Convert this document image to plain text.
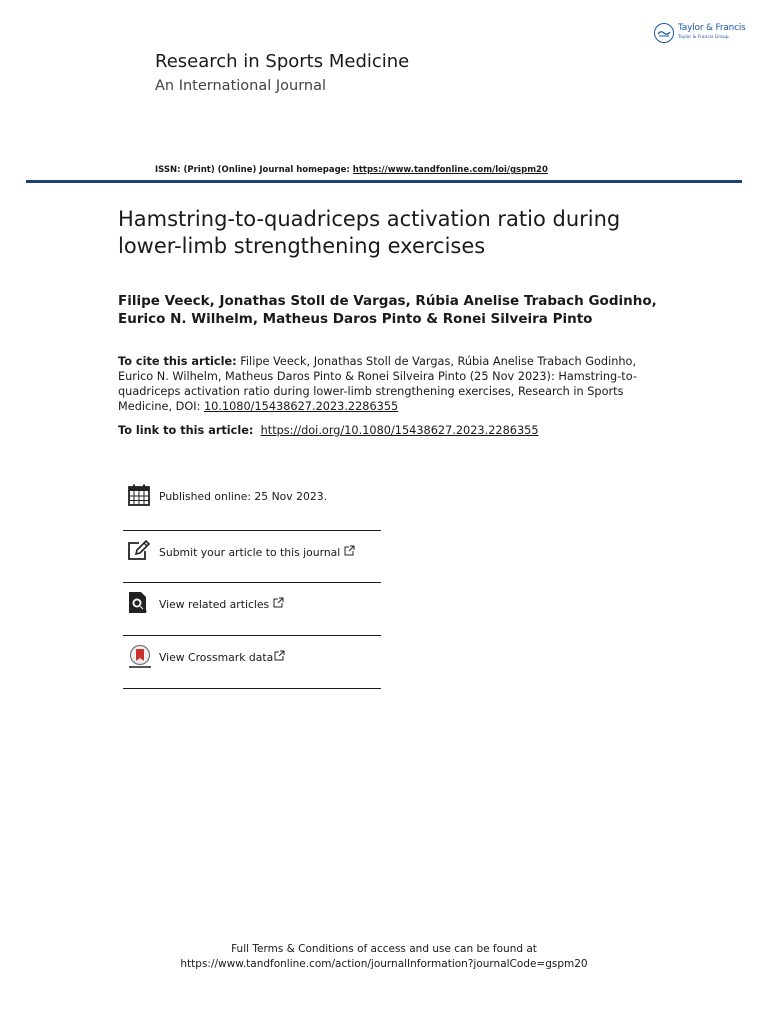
Taylor & Francis
Taylor & Francis Group
Research in Sports Medicine
An International Journal
ISSN: (Print) (Online) Journal homepage: https://www.tandfonline.com/loi/gspm20
Hamstring-to-quadriceps activation ratio during lower-limb strengthening exercises
Filipe Veeck, Jonathas Stoll de Vargas, Rúbia Anelise Trabach Godinho, Eurico N. Wilhelm, Matheus Daros Pinto & Ronei Silveira Pinto
To cite this article: Filipe Veeck, Jonathas Stoll de Vargas, Rúbia Anelise Trabach Godinho, Eurico N. Wilhelm, Matheus Daros Pinto & Ronei Silveira Pinto (25 Nov 2023): Hamstring-to-quadriceps activation ratio during lower-limb strengthening exercises, Research in Sports Medicine, DOI: 10.1080/15438627.2023.2286355
To link to this article: https://doi.org/10.1080/15438627.2023.2286355
Published online: 25 Nov 2023.
Submit your article to this journal
View related articles
View Crossmark data
Full Terms & Conditions of access and use can be found at
https://www.tandfonline.com/action/journalInformation?journalCode=gspm20
